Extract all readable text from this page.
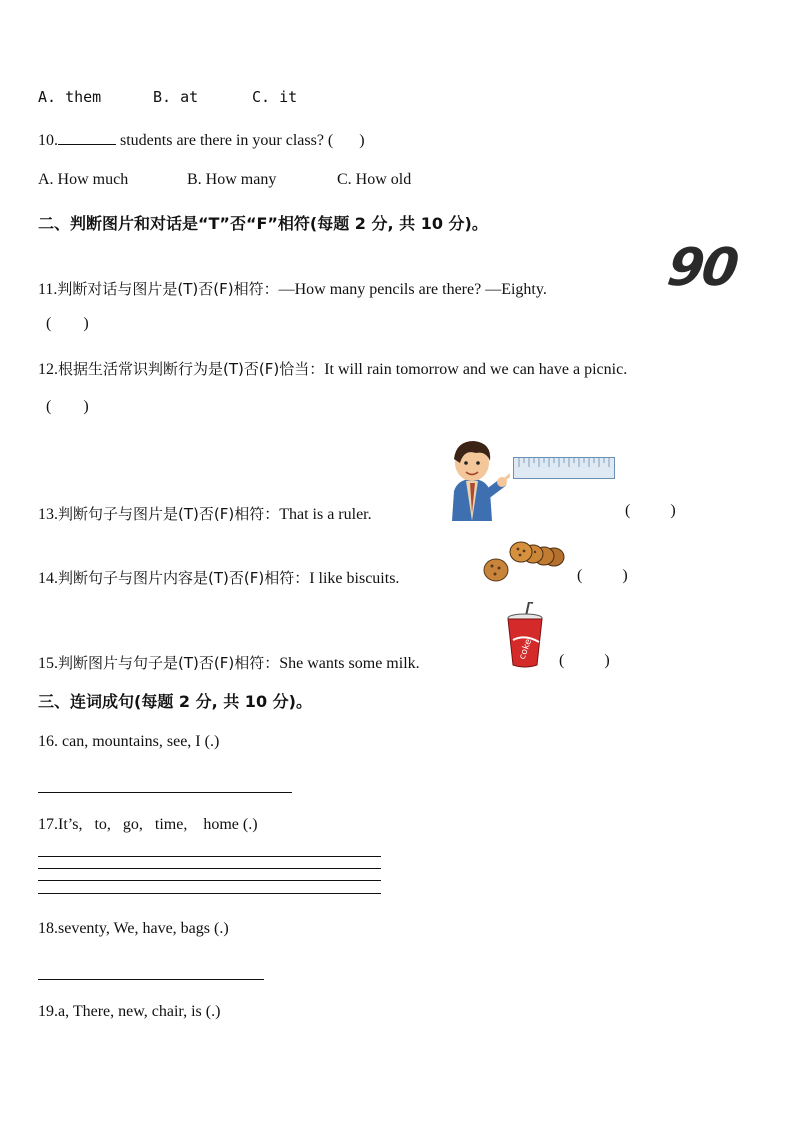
A. them	B. at	C. it
10.	students are there in your class? ( )
A. How much	B. How many	C. How old
二、判断图片和对话是“T”否“F”相符(每题 2 分, 共 10 分)。
11.判断对话与图片是(T)否(F)相符：—How many pencils are there? —Eighty. 90
(        )
12.根据生活常识判断行为是(T)否(F)恰当：It will rain tomorrow and we can have a picnic.
(        )
13.判断句子与图片是(T)否(F)相符：That is a ruler.	(          )
14.判断句子与图片内容是(T)否(F)相符：I like biscuits.	(          )
15.判断图片与句子是(T)否(F)相符：She wants some milk.
coke (          )
三、连词成句(每题 2 分, 共 10 分)。
16. can, mountains, see, I (.)
17.It’s,   to,   go,   time,    home (.)
18.seventy, We, have, bags (.)
19.a, There, new, chair, is (.)
